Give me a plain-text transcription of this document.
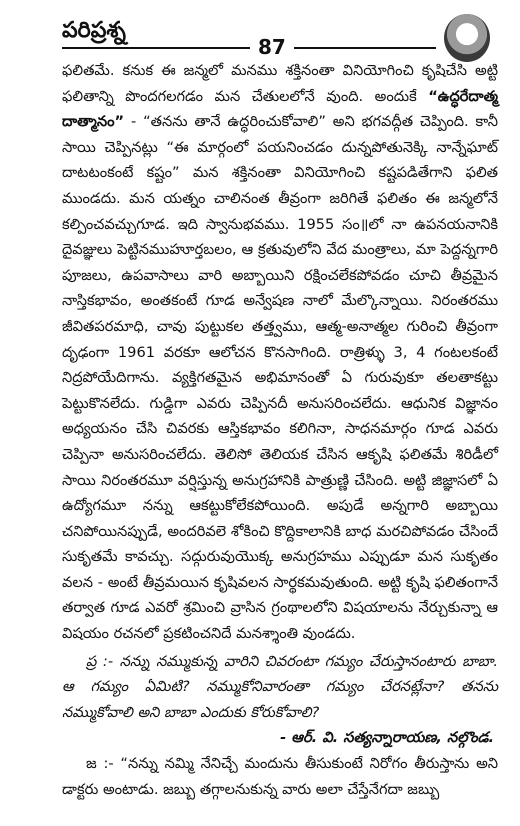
పరిప్రశ్న
87

ఫలితమే. కనుక ఈ జన్మలో మనము శక్తినంతా వినియోగించి కృషిచేసి అట్టి ఫలితాన్ని పొందగలగడం మన చేతులలోనే వుంది. అందుకే “ఉద్ధరేదాత్మ దాత్మానం” - “తనను తానే ఉద్ధరించుకోవాలి” అని భగవద్గీత చెప్పింది. కానీ సాయి చెప్పినట్లు “ఈ మార్గంలో పయనించడం దున్నపోతునెక్కి నాన్నేఘాట్ దాటటంకంటే కష్టం” మన శక్తినంతా వినియోగించి కష్టపడితేగాని ఫలిత ముండదు. మన యత్నం చాలినంత తీవ్రంగా జరిగితే ఫలితం ఈ జన్మలోనే కల్పించవచ్చుగూడ. ఇది స్వానుభవము. 1955 సం॥లో నా ఉపనయనానికి దైవజ్ఞులు పెట్టినముహూర్తబలం, ఆ క్రతువులోని వేద మంత్రాలు, మా పెద్దన్నగారి పూజలు, ఉపవాసాలు వారి అబ్బాయిని రక్షించలేకపోవడం చూచి తీవ్రమైన నాస్తికభావం, అంతకంటే గూడ అన్వేషణ నాలో మేల్కొన్నాయి. నిరంతరము జీవితపరమాధి, చావు పుట్టుకల తత్త్వము, ఆత్మ-అనాత్మల గురించి తీవ్రంగా దృఢంగా 1961 వరకూ ఆలోచన కొనసాగింది. రాత్రిళ్ళు 3, 4 గంటలకంటే నిద్రపోయేదిగాను. వ్యక్తిగతమైన అభిమానంతో ఏ గురువుకూ తలతాకట్టు పెట్టుకొనలేదు. గుడ్డిగా ఎవరు చెప్పినదీ అనుసరించలేదు. ఆధునిక విజ్ఞానం అధ్యయనం చేసి చివరకు ఆస్తికభావం కలిగినా, సాధనమార్గం గూడ ఎవరు చెప్పినా అనుసరించలేదు. తెలిసో తెలియక చేసిన ఆకృషి ఫలితమే శిరిడీలో సాయి నిరంతరమూ వర్షిస్తున్న అనుగ్రహానికి పాత్రుణ్ణి చేసింది. అట్టి జిజ్ఞాసలో ఏ ఉద్యోగమూ నన్ను ఆకట్టుకోలేకపోయింది. అపుడే అన్నగారి అబ్బాయి చనిపోయినప్పుడే, అందరివలె శోకించి కొద్దికాలానికి బాధ మరచిపోవడం చేసిందే సుకృతమే కావచ్చు. సద్గురువుయొక్క అనుగ్రహము ఎప్పుడూ మన సుకృతం వలన - అంటే తీవ్రమయిన కృషివలన సార్థకమవుతుంది. అట్టి కృషి ఫలితంగానే తర్వాత గూడ ఎవరో శ్రమించి వ్రాసిన గ్రంథాలలోని విషయాలను నేర్చుకున్నా ఆ విషయం రచనలో ప్రకటించనిదే మనశ్శాంతి వుండదు.

ప్ర :- నన్ను నమ్ముకున్న వారిని చివరంటా గమ్యం చేరుస్తానంటారు బాబా. ఆ గమ్యం ఏమిటి? నమ్ముకోనివారంతా గమ్యం చేరనట్లేనా? తనను నమ్ముకోవాలి అని బాబా ఎందుకు కోరుకోవాలి?

- ఆర్. వి. సత్యన్నారాయణ, నల్గొండ.

జ :- “నన్ను నమ్మి నేనిచ్చే మందును తీసుకుంటే నిరోగం తీరుస్తాను అని డాక్టరు అంటాడు. జబ్బు తగ్గాలనుకున్న వారు అలా చేస్తేనేగదా జబ్బు
